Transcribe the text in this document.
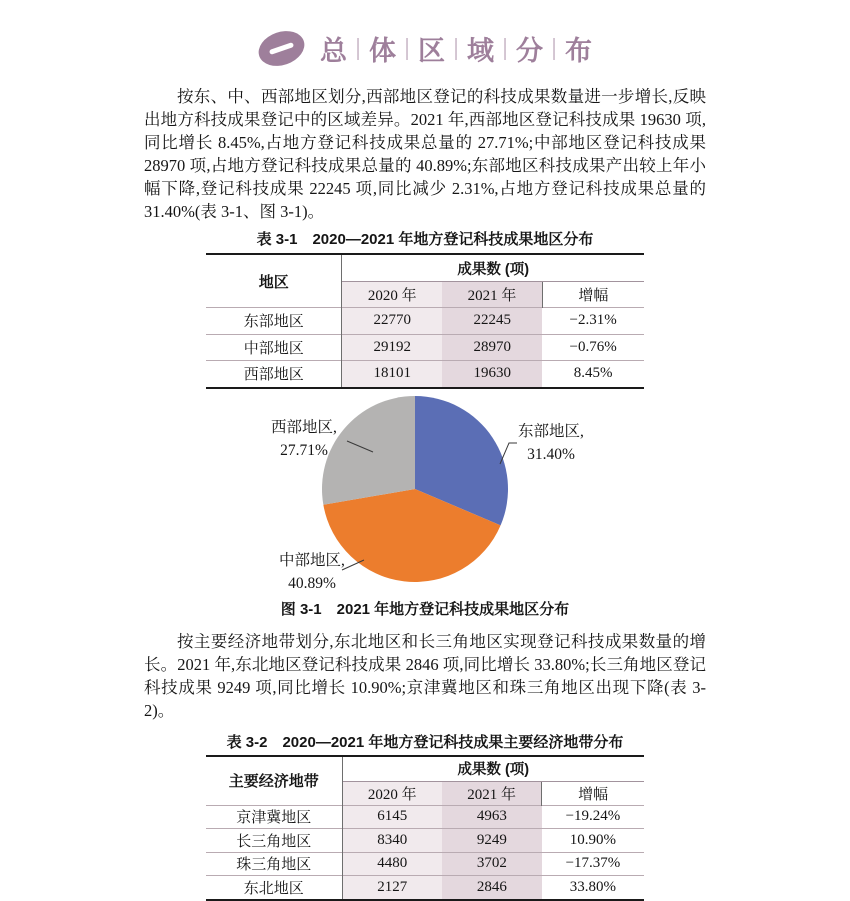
总 | 体 | 区 | 域 | 分 | 布

按东、中、西部地区划分,西部地区登记的科技成果数量进一步增长,反映出地方科技成果登记中的区域差异。2021 年,西部地区登记科技成果 19630 项,同比增长 8.45%,占地方登记科技成果总量的 27.71%;中部地区登记科技成果 28970 项,占地方登记科技成果总量的 40.89%;东部地区科技成果产出较上年小幅下降,登记科技成果 22245 项,同比减少 2.31%,占地方登记科技成果总量的 31.40%(表 3-1、图 3-1)。

表 3-1　2020—2021 年地方登记科技成果地区分布
地区	成果数 (项)		
	2020 年	2021 年	增幅
东部地区	22770	22245	−2.31%
中部地区	29192	28970	−0.76%
西部地区	18101	19630	8.45%
东部地区,
31.40%
中部地区,
40.89%
西部地区,
27.71%
图 3-1　2021 年地方登记科技成果地区分布

按主要经济地带划分,东北地区和长三角地区实现登记科技成果数量的增长。2021 年,东北地区登记科技成果 2846 项,同比增长 33.80%;长三角地区登记科技成果 9249 项,同比增长 10.90%;京津冀地区和珠三角地区出现下降(表 3-2)。

表 3-2　2020—2021 年地方登记科技成果主要经济地带分布
主要经济地带	成果数 (项)		
	2020 年	2021 年	增幅
京津冀地区	6145	4963	−19.24%
长三角地区	8340	9249	10.90%
珠三角地区	4480	3702	−17.37%
东北地区	2127	2846	33.80%
